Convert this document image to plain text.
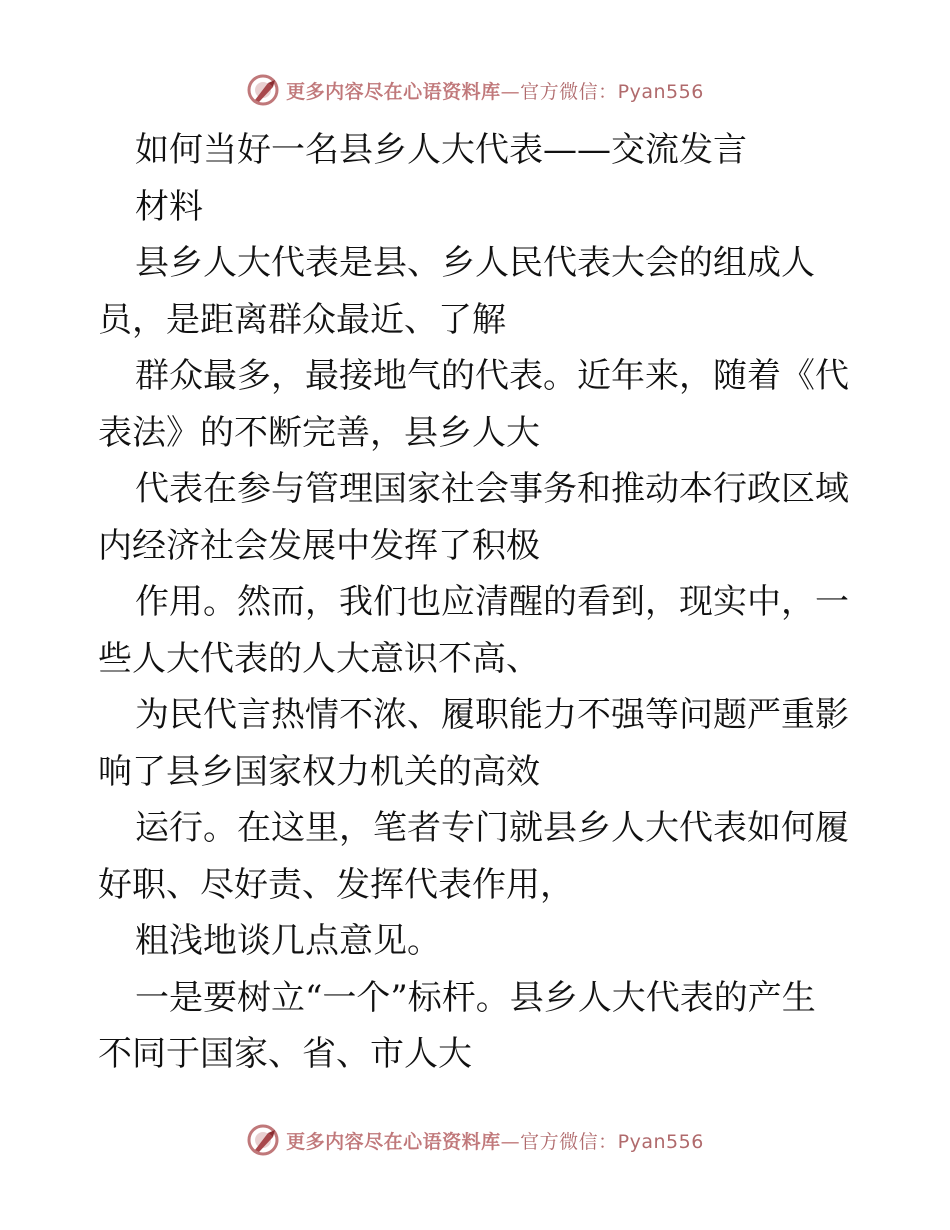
更多内容尽在心语资料库—官方微信：Pyan556
如何当好一名县乡人大代表——交流发言
材料
县乡人大代表是县、乡人民代表大会的组成人
员，是距离群众最近、了解
群众最多，最接地气的代表。近年来，随着《代
表法》的不断完善，县乡人大
代表在参与管理国家社会事务和推动本行政区域
内经济社会发展中发挥了积极
作用。然而，我们也应清醒的看到，现实中，一
些人大代表的人大意识不高、
为民代言热情不浓、履职能力不强等问题严重影
响了县乡国家权力机关的高效
运行。在这里，笔者专门就县乡人大代表如何履
好职、尽好责、发挥代表作用，
粗浅地谈几点意见。
一是要树立“一个”标杆。县乡人大代表的产生
不同于国家、省、市人大
更多内容尽在心语资料库—官方微信：Pyan556
